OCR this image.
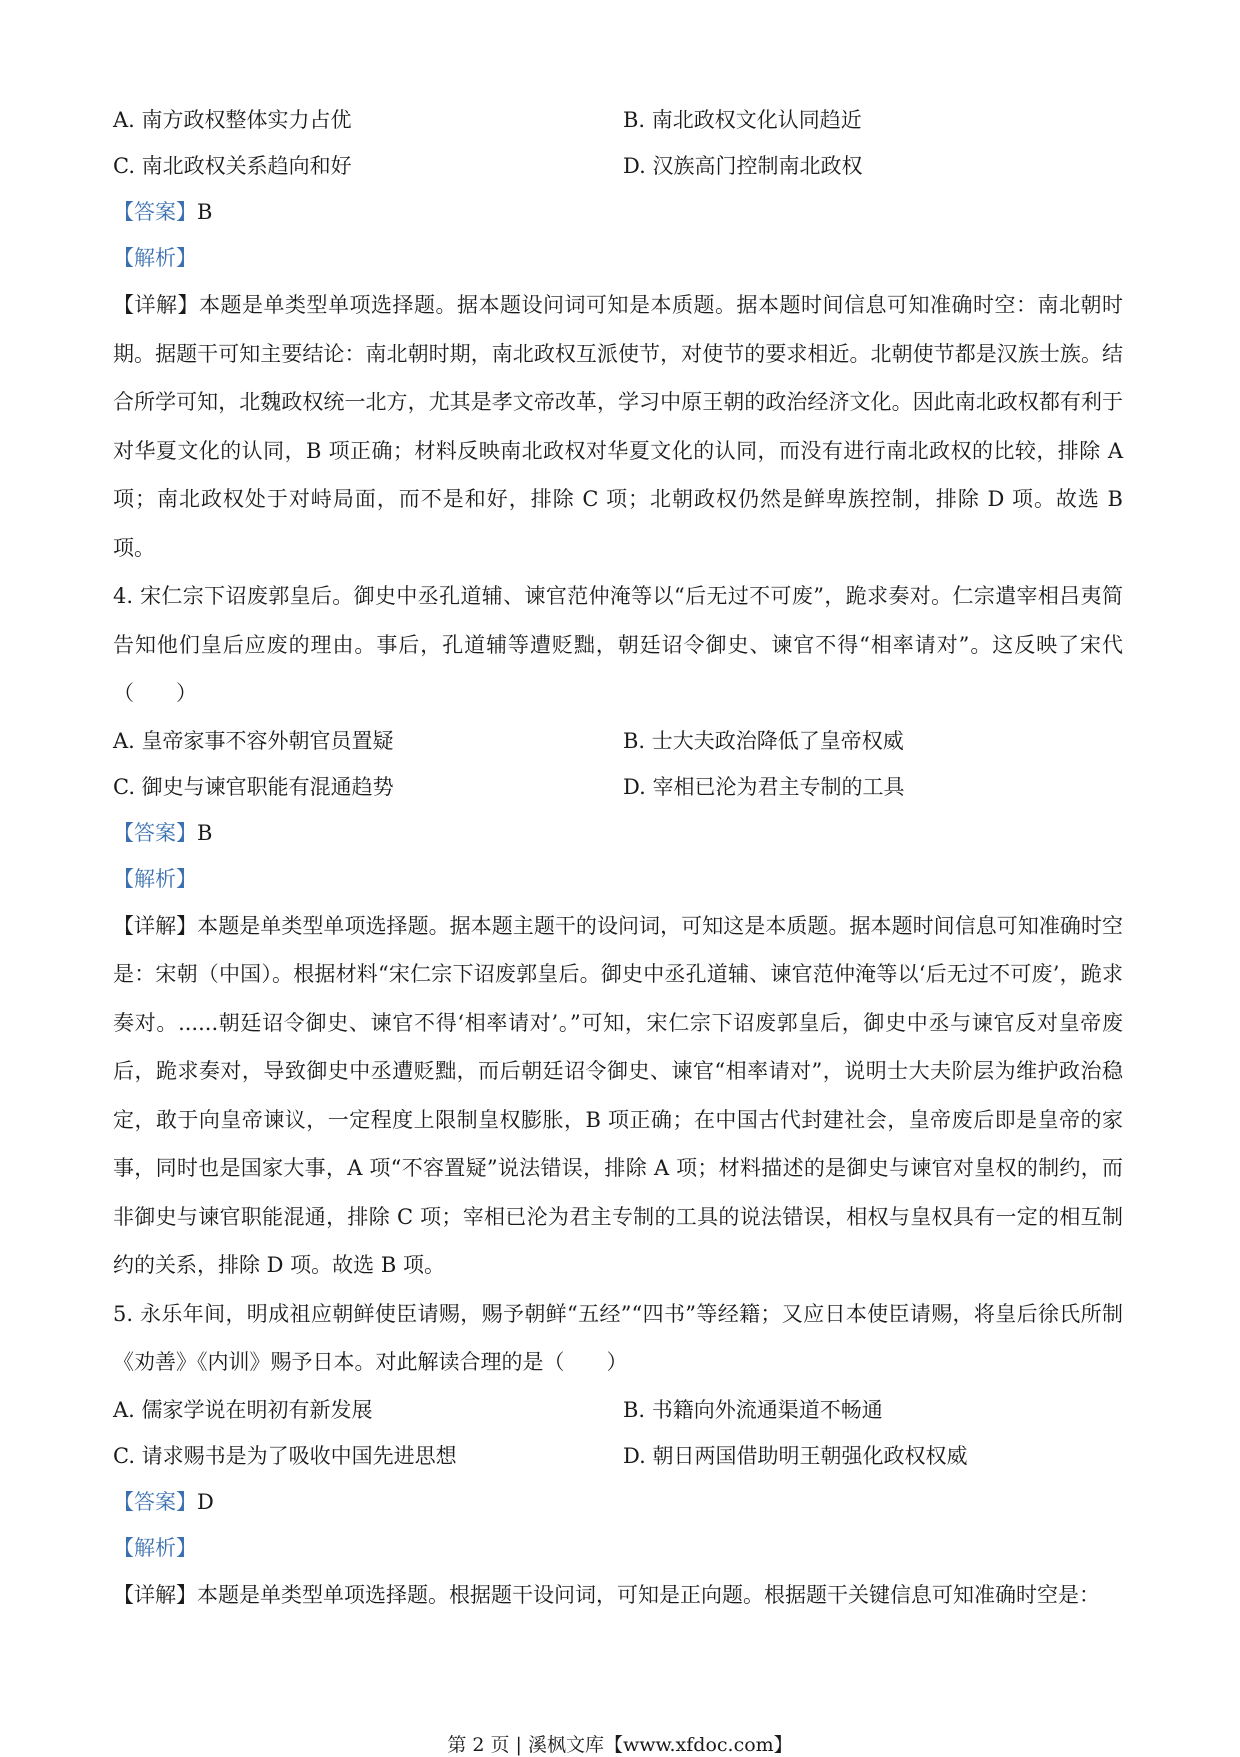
A. 南方政权整体实力占优	B. 南北政权文化认同趋近
C. 南北政权关系趋向和好	D. 汉族高门控制南北政权
【答案】B
【解析】
【详解】本题是单类型单项选择题。据本题设问词可知是本质题。据本题时间信息可知准确时空：南北朝时期。据题干可知主要结论：南北朝时期，南北政权互派使节，对使节的要求相近。北朝使节都是汉族士族。结合所学可知，北魏政权统一北方，尤其是孝文帝改革，学习中原王朝的政治经济文化。因此南北政权都有利于对华夏文化的认同，B 项正确；材料反映南北政权对华夏文化的认同，而没有进行南北政权的比较，排除 A 项；南北政权处于对峙局面，而不是和好，排除 C 项；北朝政权仍然是鲜卑族控制，排除 D 项。故选 B 项。
4. 宋仁宗下诏废郭皇后。御史中丞孔道辅、谏官范仲淹等以“后无过不可废”，跪求奏对。仁宗遣宰相吕夷简告知他们皇后应废的理由。事后，孔道辅等遭贬黜，朝廷诏令御史、谏官不得“相率请对”。这反映了宋代（　　）
A. 皇帝家事不容外朝官员置疑	B. 士大夫政治降低了皇帝权威
C. 御史与谏官职能有混通趋势	D. 宰相已沦为君主专制的工具
【答案】B
【解析】
【详解】本题是单类型单项选择题。据本题主题干的设问词，可知这是本质题。据本题时间信息可知准确时空是：宋朝（中国）。根据材料“宋仁宗下诏废郭皇后。御史中丞孔道辅、谏官范仲淹等以‘后无过不可废’，跪求奏对。......朝廷诏令御史、谏官不得‘相率请对’。”可知，宋仁宗下诏废郭皇后，御史中丞与谏官反对皇帝废后，跪求奏对，导致御史中丞遭贬黜，而后朝廷诏令御史、谏官“相率请对”，说明士大夫阶层为维护政治稳定，敢于向皇帝谏议，一定程度上限制皇权膨胀，B 项正确；在中国古代封建社会，皇帝废后即是皇帝的家事，同时也是国家大事，A 项“不容置疑”说法错误，排除 A 项；材料描述的是御史与谏官对皇权的制约，而非御史与谏官职能混通，排除 C 项；宰相已沦为君主专制的工具的说法错误，相权与皇权具有一定的相互制约的关系，排除 D 项。故选 B 项。
5. 永乐年间，明成祖应朝鲜使臣请赐，赐予朝鲜“五经”“四书”等经籍；又应日本使臣请赐，将皇后徐氏所制《劝善》《内训》赐予日本。对此解读合理的是（　　）
A. 儒家学说在明初有新发展	B. 书籍向外流通渠道不畅通
C. 请求赐书是为了吸收中国先进思想	D. 朝日两国借助明王朝强化政权权威
【答案】D
【解析】
【详解】本题是单类型单项选择题。根据题干设问词，可知是正向题。根据题干关键信息可知准确时空是：
第 2 页 | 溪枫文库【www.xfdoc.com】
